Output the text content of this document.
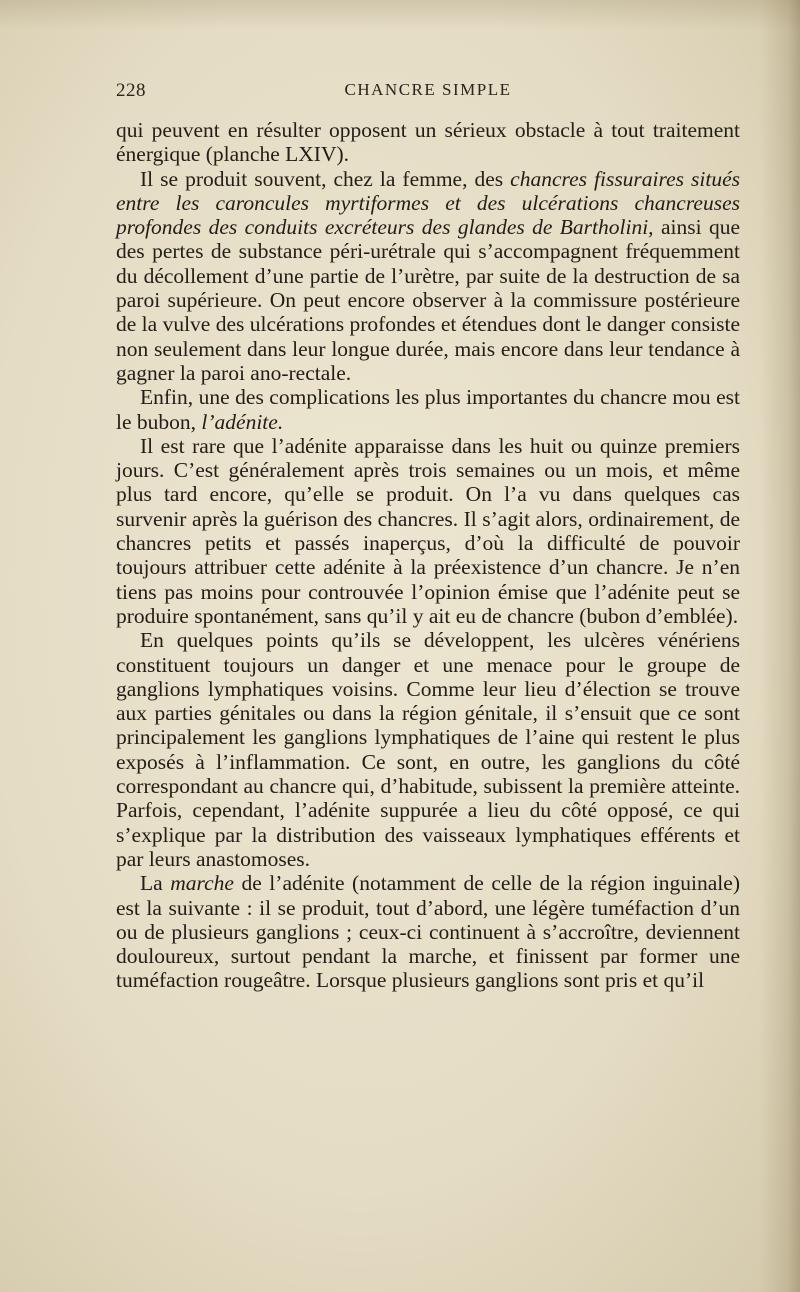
CHANCRE SIMPLE
228

qui peuvent en résulter opposent un sérieux obstacle à tout traitement énergique (planche LXIV).

Il se produit souvent, chez la femme, des chancres fissuraires situés entre les caroncules myrtiformes et des ulcérations chancreuses profondes des conduits excréteurs des glandes de Bartholini, ainsi que des pertes de substance péri-urétrale qui s’accompagnent fréquemment du décollement d’une partie de l’urètre, par suite de la destruction de sa paroi supérieure. On peut encore observer à la commissure postérieure de la vulve des ulcérations profondes et étendues dont le danger consiste non seulement dans leur longue durée, mais encore dans leur tendance à gagner la paroi ano-rectale.

Enfin, une des complications les plus importantes du chancre mou est le bubon, l’adénite.

Il est rare que l’adénite apparaisse dans les huit ou quinze premiers jours. C’est généralement après trois semaines ou un mois, et même plus tard encore, qu’elle se produit. On l’a vu dans quelques cas survenir après la guérison des chancres. Il s’agit alors, ordinairement, de chancres petits et passés inaperçus, d’où la difficulté de pouvoir toujours attribuer cette adénite à la préexistence d’un chancre. Je n’en tiens pas moins pour controuvée l’opinion émise que l’adénite peut se produire spontanément, sans qu’il y ait eu de chancre (bubon d’emblée).

En quelques points qu’ils se développent, les ulcères vénériens constituent toujours un danger et une menace pour le groupe de ganglions lymphatiques voisins. Comme leur lieu d’élection se trouve aux parties génitales ou dans la région génitale, il s’ensuit que ce sont principalement les ganglions lymphatiques de l’aine qui restent le plus exposés à l’inflammation. Ce sont, en outre, les ganglions du côté correspondant au chancre qui, d’habitude, subissent la première atteinte. Parfois, cependant, l’adénite suppurée a lieu du côté opposé, ce qui s’explique par la distribution des vaisseaux lymphatiques efférents et par leurs anastomoses.

La marche de l’adénite (notamment de celle de la région inguinale) est la suivante : il se produit, tout d’abord, une légère tuméfaction d’un ou de plusieurs ganglions ; ceux-ci continuent à s’accroître, deviennent douloureux, surtout pendant la marche, et finissent par former une tuméfaction rougeâtre. Lorsque plusieurs ganglions sont pris et qu’il
